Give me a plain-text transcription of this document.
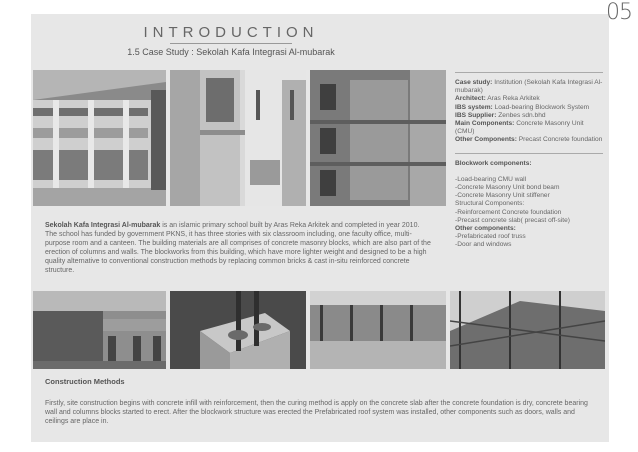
05
INTRODUCTION
1.5 Case Study : Sekolah Kafa Integrasi Al-mubarak
Case study: Institution (Sekolah Kafa Integrasi Al-mubarak)
Architect: Aras Reka Arkitek
IBS system: Load-bearing Blockwork System
IBS Supplier: Zenbes sdn.bhd
Main Components: Concrete Masonry Unit (CMU)
Other Components: Precast Concrete foundation
Blockwork components:
-Load-bearing CMU wall
-Concrete Masonry Unit bond beam
-Concrete Masonry Unit stiffener
Structural Components:
-Reinforcement Concrete foundation
-Precast concrete slab( precast off-site)
Other components:
-Prefabricated roof truss
-Door and windows
Sekolah Kafa Integrasi Al-mubarak is an islamic primary school built by Aras Reka Arkitek and completed in year 2010. The school has funded by government PKNS, it has three stories with six classroom including, one faculty office, multi-purpose room and a canteen. The building materials are all comprises of concrete masonry blocks, which are also part of the erection of columns and walls. The blockworks from this building, which have more lighter weight and designed to be a high quality alternative to conventional construction methods by replacing common bricks & cast in-situ reinforced concrete structure.
Construction Methods
Firstly, site construction begins with concrete infill with reinforcement, then the curing method is apply on the concrete slab after the concrete foundation is dry, concrete bearing wall and columns blocks started to erect. After the blockwork structure was erected the Prefabricated roof system was installed, other components such as doors, walls and ceilings are place in.
